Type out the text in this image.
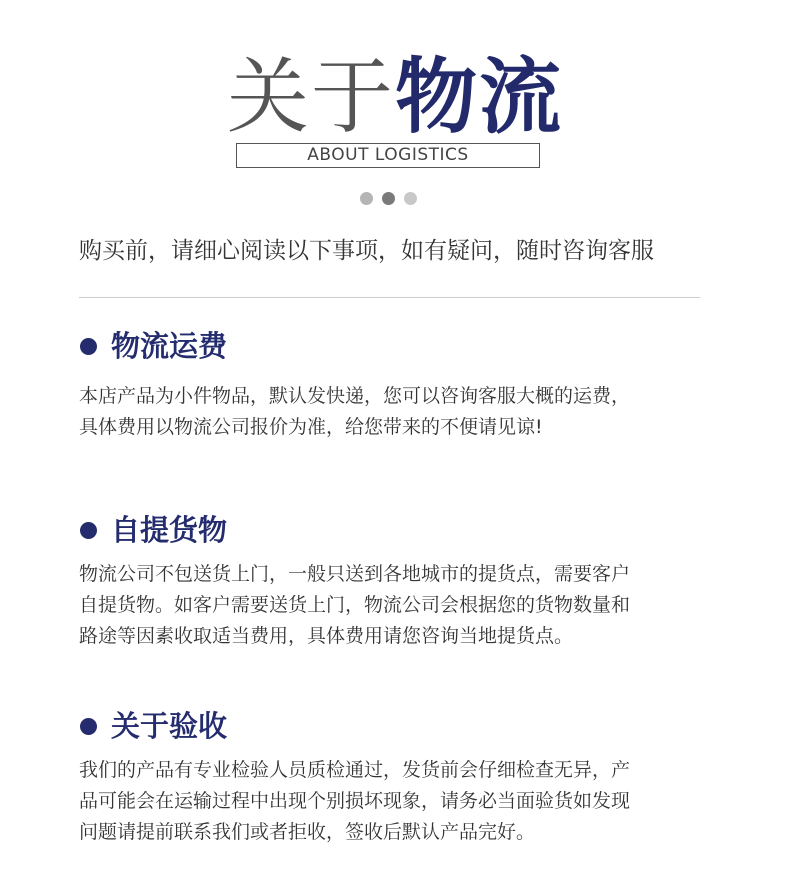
关于物流
ABOUT LOGISTICS
购买前，请细心阅读以下事项，如有疑问，随时咨询客服
物流运费
本店产品为小件物品，默认发快递，您可以咨询客服大概的运费，
具体费用以物流公司报价为准，给您带来的不便请见谅!
自提货物
物流公司不包送货上门，一般只送到各地城市的提货点，需要客户
自提货物。如客户需要送货上门，物流公司会根据您的货物数量和
路途等因素收取适当费用，具体费用请您咨询当地提货点。
关于验收
我们的产品有专业检验人员质检通过，发货前会仔细检查无异，产
品可能会在运输过程中出现个别损坏现象，请务必当面验货如发现
问题请提前联系我们或者拒收，签收后默认产品完好。
